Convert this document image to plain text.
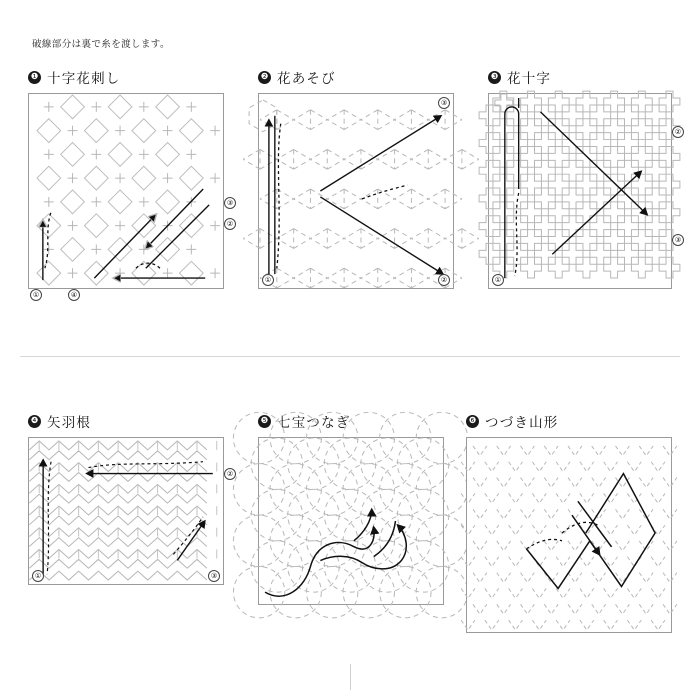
破線部分は裏で糸を渡します。
❶ 十字花刺し
①	④
②
③
❷ 花あそび
①	②
③
❸ 花十字
①
②
③
❹ 矢羽根
①
②
③
❺ 七宝つなぎ	❻ つづき山形
